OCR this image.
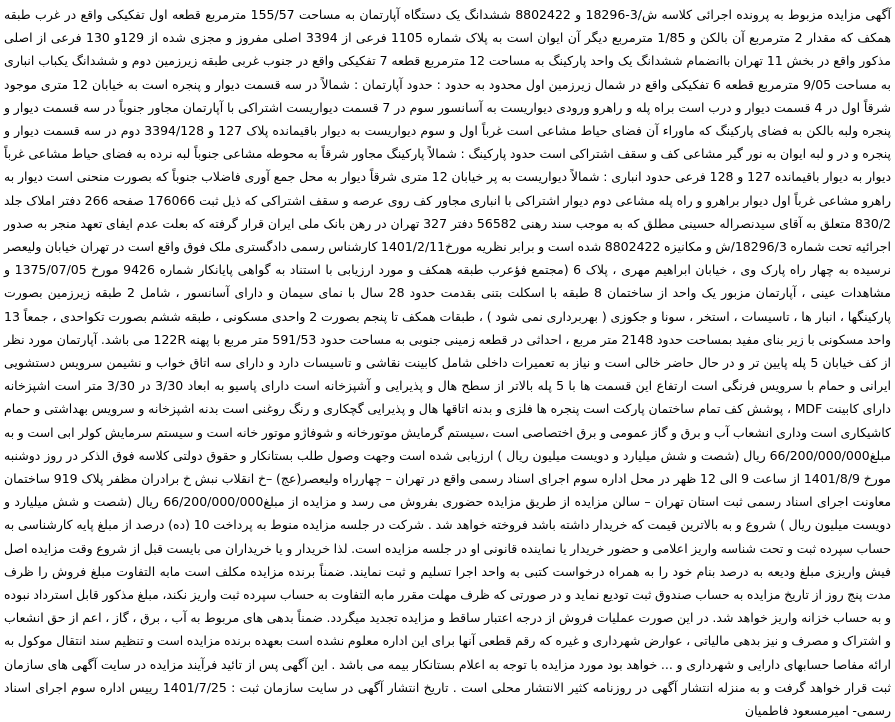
آگهی مزایده مزبوط به پرونده اجرائی کلاسه ش/3-18296 و 8802422 ششدانگ یک دستگاه آپارتمان به مساحت 155/57 مترمربع قطعه اول تفکیکی واقع در غرب طبقه همکف که مقدار 2 مترمربع آن بالکن و 1/85 مترمربع دیگر آن ایوان است به پلاک شماره 1105 فرعی از 3394 اصلی مفروز و مجزی شده از 129و 130 فرعی از اصلی مذکور واقع در بخش 11 تهران باانضمام ششدانگ یک واحد پارکینگ به مساحت 12 مترمربع قطعه 7 تفکیکی واقع در جنوب غربی طبقه زیرزمین دوم و ششدانگ یکباب انباری به مساحت 9/05 مترمربع قطعه 6 تفکیکی واقع در شمال زیرزمین اول محدود به حدود : حدود آپارتمان : شمالاً در سه قسمت دیوار و پنجره است به خیابان 12 متری موجود شرقاً اول در 4 قسمت دیوار و درب است براه پله و راهرو ورودی دیواریست به آسانسور سوم در 7 قسمت دیواریست اشتراکی با آپارتمان مجاور جنوباً در سه قسمت دیوار و پنجره ولبه بالکن به فضای پارکینگ که ماوراء آن فضای حیاط مشاعی است غرباً اول و سوم دیواریست به دیوار باقیمانده پلاک 127 و 3394/128 دوم در سه قسمت دیوار و پنجره و در و لبه ایوان به نور گیر مشاعی کف و سقف اشتراکی است حدود پارکینگ : شمالاً پارکینگ مجاور شرقاً به محوطه مشاعی جنوباً لبه نرده به فضای حیاط مشاعی غرباً دیوار به دیوار باقیمانده 127 و 128 فرعی حدود انباری : شمالاً دیواریست به پر خیابان 12 متری شرقاً دیوار به محل جمع آوری فاضلاب جنوباً که بصورت منحنی است دیوار به راهرو مشاعی غرباً اول دیوار براهرو و راه پله مشاعی دوم دیوار اشتراکی با انباری مجاور کف روی عرصه و سقف اشتراکی که ذیل ثبت 176066 صفحه 266 دفتر املاک جلد 830/2 متعلق به آقای سیدنصراله حسینی مطلق که به موجب سند رهنی 56582 دفتر 327 تهران در رهن بانک ملی ایران قرار گرفته که بعلت عدم ایفای تعهد منجر به صدور اجرائیه تحت شماره 18296/3/ش و مکانیزه 8802422 شده است و برابر نظریه مورخ1401/2/11 کارشناس رسمی دادگستری ملک فوق واقع است در تهران خیابان ولیعصر نرسیده به چهار راه پارک وی ، خیابان ابراهیم مهری ، پلاک 6 (مجتمع فؤعرب طبقه همکف و مورد ارزیابی با استناد به گواهی پایانکار شماره 9426 مورخ 1375/07/05 و مشاهدات عینی ، آپارتمان مزبور یک واحد از ساختمان 8 طبقه با اسکلت بتنی بقدمت حدود 28 سال با نمای سیمان و دارای آسانسور ، شامل 2 طبقه زیرزمین بصورت پارکینگها ، انبار ها ، تاسیسات ، استخر ، سونا و جکوزی ( بهربرداری نمی شود ) ، طبقات همکف تا پنجم بصورت 2 واحدی مسکونی ، طبقه ششم بصورت تکواحدی ، جمعاً 13 واحد مسکونی با زیر بنای مفید بمساحت حدود 2148 متر مربع ، احداثی در قطعه زمینی جنوبی به مساحت حدود 591/53 متر مربع با پهنه 122R می باشد. آپارتمان مورد نظر از کف خیابان 5 پله پایین تر و در حال حاضر خالی است و نیاز به تعمیرات داخلی شامل کابینت نقاشی و تاسیسات دارد و دارای سه اتاق خواب و نشیمن سرویس دستشویی ایرانی و حمام با سرویس فرنگی است ارتفاع این قسمت ها با 5 پله بالاتر از سطح هال و پذیرایی و آشپزخانه است دارای پاسیو به ابعاد 3/30 در 3/30 متر است اشپزخانه دارای کابینت MDF ، پوشش کف تمام ساختمان پارکت است پنجره ها فلزی و بدنه اتاقها هال و پذیرایی گچکاری و رنگ روغنی است بدنه اشپزخانه و سرویس بهداشتی و حمام کاشیکاری است وداری انشعاب آب و برق و گاز عمومی و برق اختصاصی است ،سیستم گرمایش موتورخانه و شوفاژو موتور خانه است و سیستم سرمایش کولر ابی است و به مبلغ66/200/000/000 ریال (شصت و شش میلیارد و دویست میلیون ریال ) ارزیابی شده است وجهت وصول طلب بستانکار و حقوق دولتی کلاسه فوق الذکر در روز دوشنبه مورخ 1401/8/9 از ساعت 9 الی 12 ظهر در محل اداره سوم اجرای اسناد رسمی واقع در تهران – چهارراه ولیعصر(عج) –خ انقلاب نبش خ برادران مظفر پلاک 919 ساختمان معاونت اجرای اسناد رسمی ثبت استان تهران – سالن مزایده از طریق مزایده حضوری بفروش می رسد و مزایده از مبلغ66/200/000/000 ریال (شصت و شش میلیارد و دویست میلیون ریال ) شروع و به بالاترین قیمت که خریدار داشته باشد فروخته خواهد شد . شرکت در جلسه مزایده منوط به پرداخت 10 (ده) درصد از مبلغ پایه کارشناسی به حساب سپرده ثبت و تحت شناسه واریز اعلامی و حضور خریدار یا نماینده قانونی او در جلسه مزایده است. لذا خریدار و یا خریداران می بایست قبل از شروع وقت مزایده اصل فیش واریزی مبلغ ودیعه به درصد بنام خود را به همراه درخواست کتبی به واحد اجرا تسلیم و ثبت نمایند. ضمناً برنده مزایده مکلف است مابه التفاوت مبلغ فروش را ظرف مدت پنج روز از تاریخ مزایده به حساب صندوق ثبت تودیع نماید و در صورتی که ظرف مهلت مقرر مابه التفاوت به حساب سپرده ثبت واریز نکند، مبلغ مذکور قابل استرداد نبوده و به حساب خزانه واریز خواهد شد. در این صورت عملیات فروش از درجه اعتبار ساقط و مزایده تجدید میگردد. ضمناً بدهی های مربوط به آب ، برق ، گاز ، اعم از حق انشعاب و اشتراک و مصرف و نیز بدهی مالیاتی ، عوارض شهرداری و غیره که رقم قطعی آنها برای این اداره معلوم نشده است بعهده برنده مزایده است و تنظیم سند انتقال موکول به ارائه مفاصا حسابهای دارایی و شهرداری و ... خواهد بود مورد مزایده با توجه به اعلام بستانکار بیمه می باشد . این آگهی پس از تائید فرآیند مزایده در سایت آگهی های سازمان ثبت قرار خواهد گرفت و به منزله انتشار آگهی در روزنامه کثیر الانتشار محلی است . تاریخ انتشار آگهی در سایت سازمان ثبت : 1401/7/25 رییس اداره سوم اجرای اسناد رسمی- امیرمسعود فاطمیان
